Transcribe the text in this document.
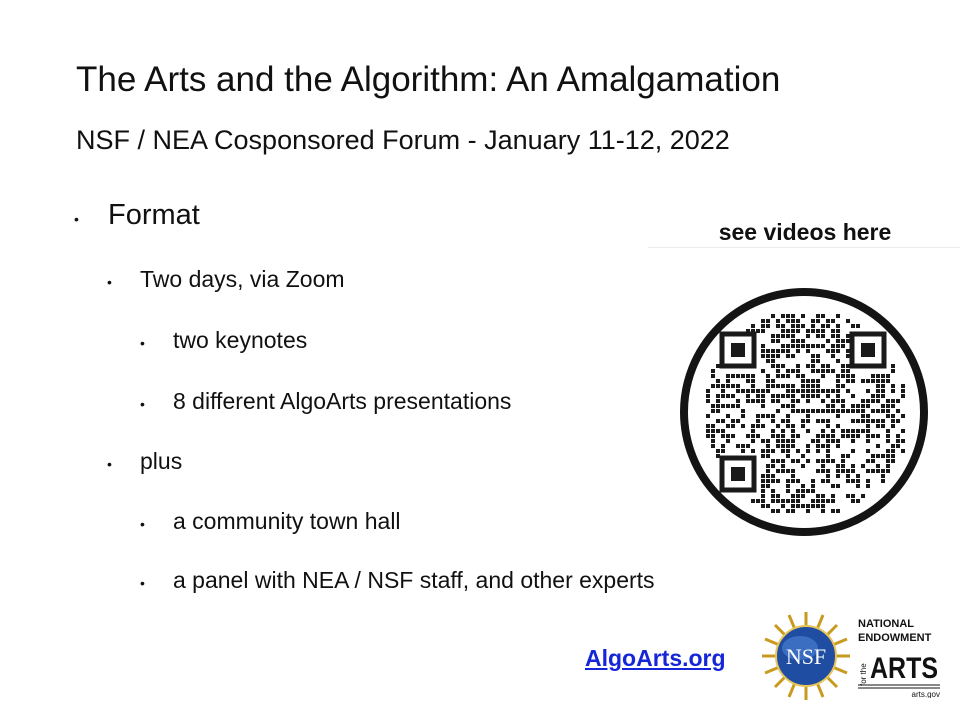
The Arts and the Algorithm: An Amalgamation
NSF / NEA Cosponsored Forum - January 11-12, 2022
• Format
• Two days, via Zoom
• two keynotes
• 8 different AlgoArts presentations
• plus
• a community town hall
• a panel with NEA / NSF staff, and other experts
see videos here
AlgoArts.org	NSF
NATIONAL
ENDOWMENT
for the ARTS
arts.gov
